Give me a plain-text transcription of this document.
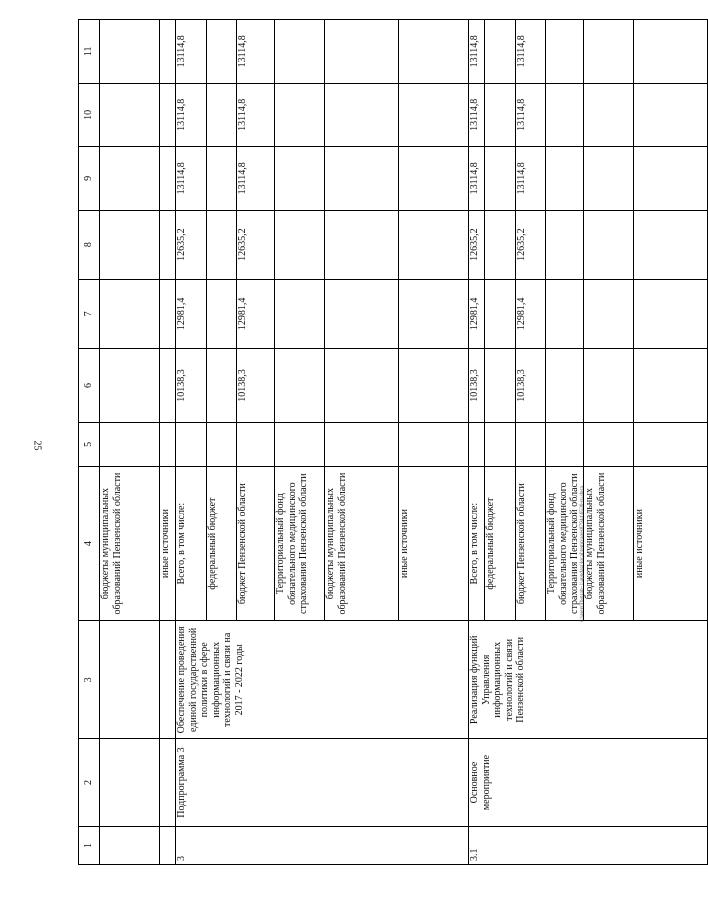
25
1	2	3	4	5	6	7	8	9	10	11
			бюджеты муниципальных образований Пензенской области							
			иные источники							
3	Подпрограмма 3	Обеспечение проведения единой государственной политики в сфере информационных технологий и связи на 2017 - 2022 годы	Всего, в том числе:		10138,3	12981,4	12635,2	13114,8	13114,8	13114,8
			федеральный бюджет							
			бюджет Пензенской области		10138,3	12981,4	12635,2	13114,8	13114,8	13114,8
			Территориальный фонд обязательного медицинского страхования Пензенской области							
			бюджеты муниципальных образований Пензенской области							
			иные источники							
3.1	Основное мероприятие	Реализация функций Управления информационных технологий и связи Пензенской области	Всего, в том числе:		10138,3	12981,4	12635,2	13114,8	13114,8	13114,8
			федеральный бюджет							
			бюджет Пензенской области		10138,3	12981,4	12635,2	13114,8	13114,8	13114,8
			Территориальный фонд обязательного медицинского страхования Пензенской области							
			бюджеты муниципальных образований Пензенской области							
			иные источники							
c:\users\rbotrab~1\appdata\local\temp\aoes87944\6530-ru.docx
